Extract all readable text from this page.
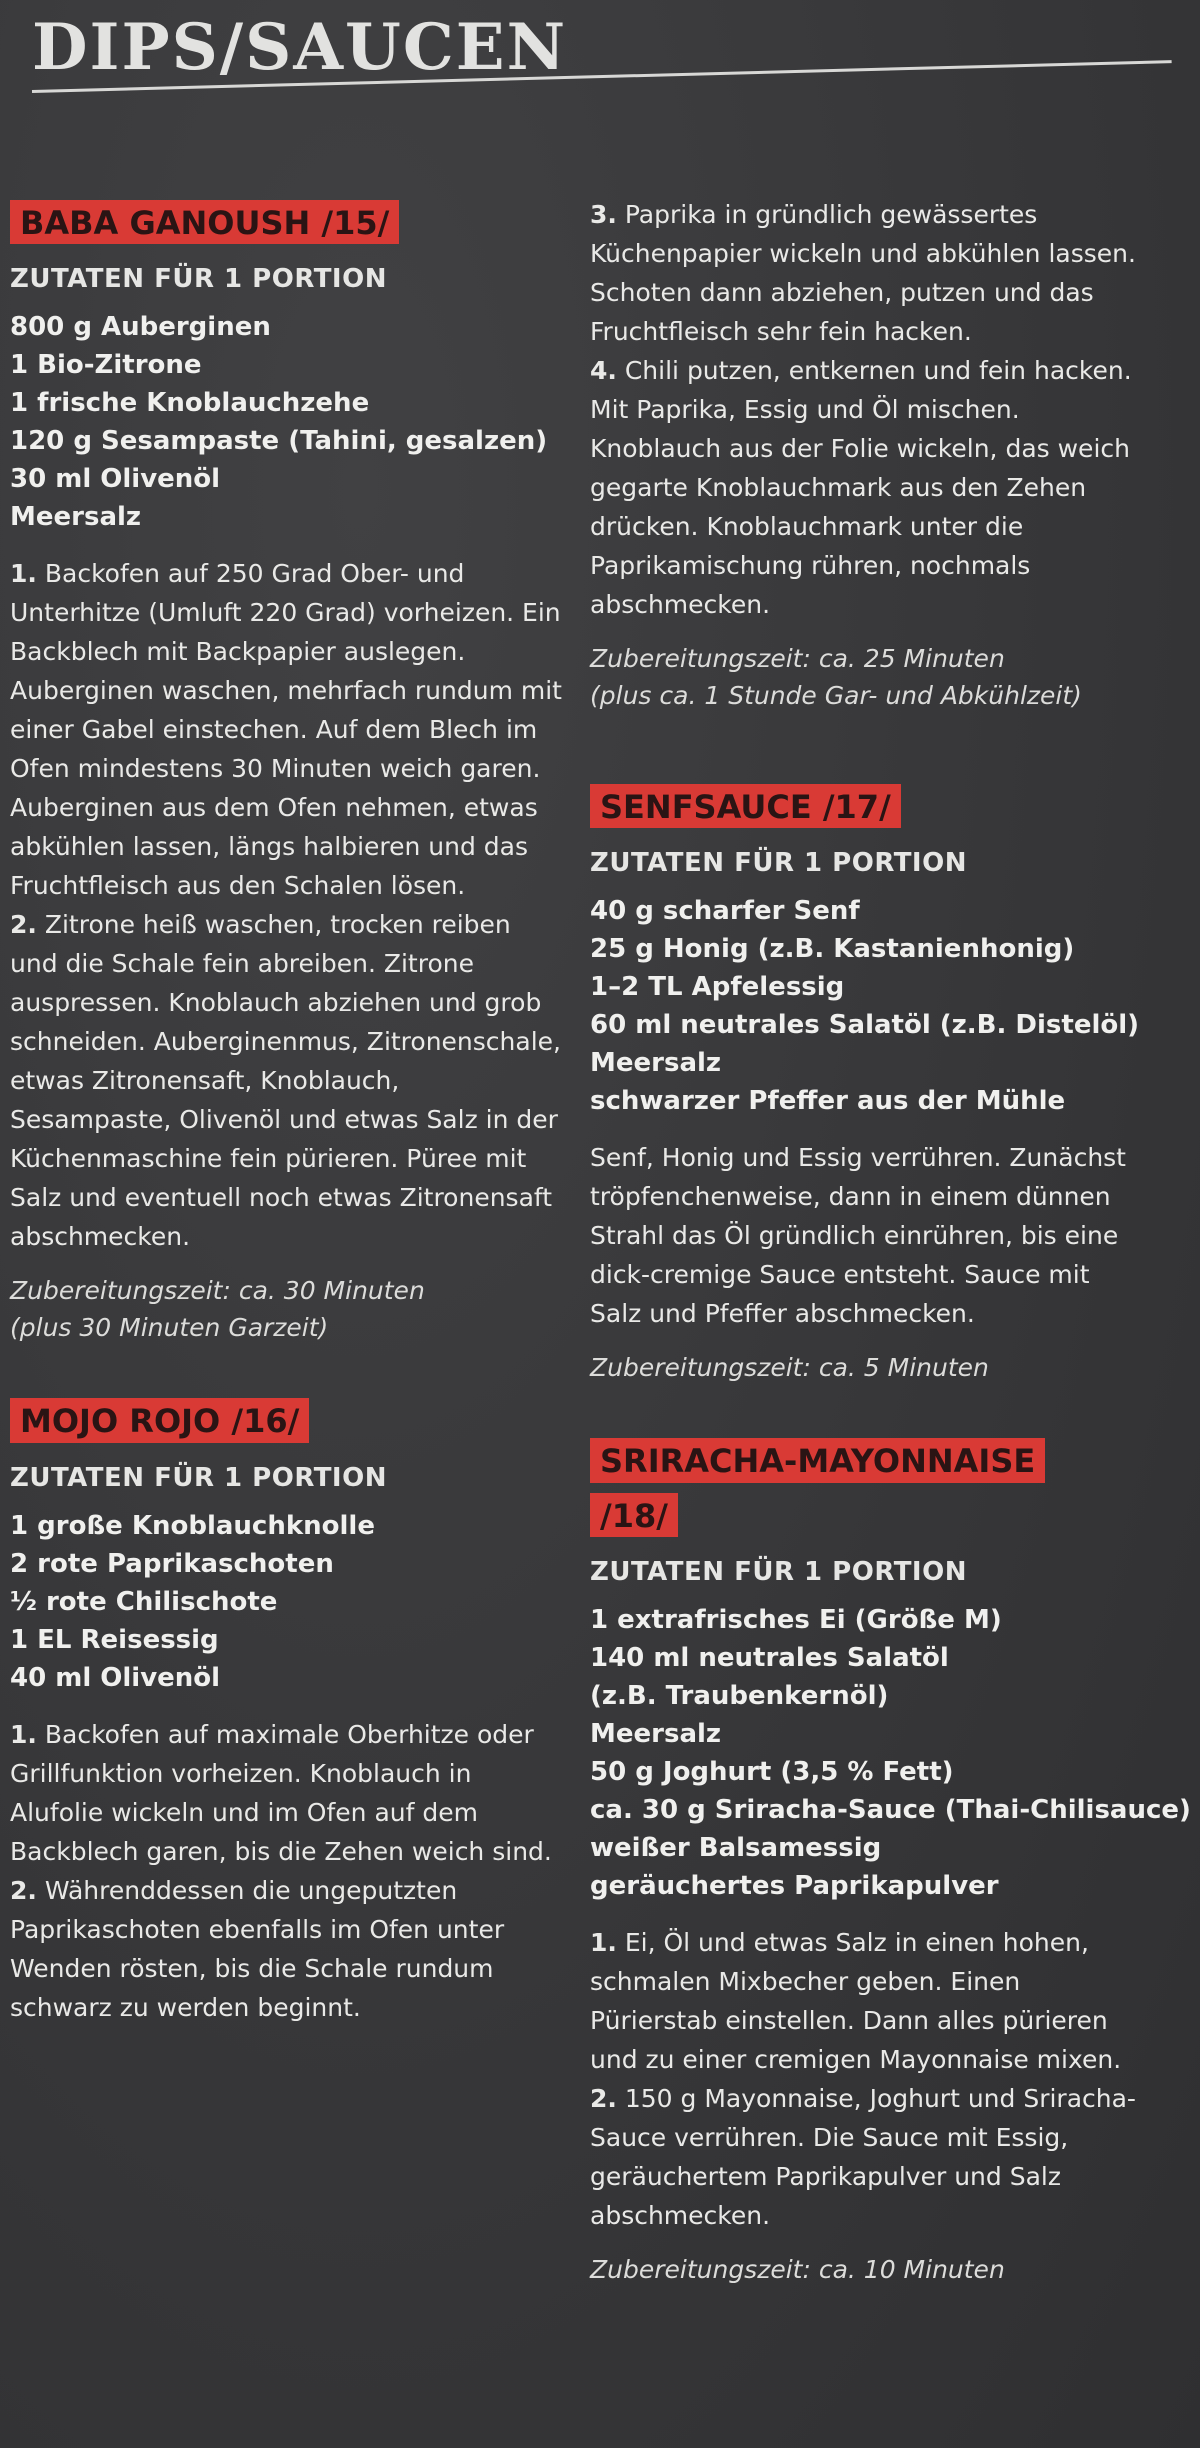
DIPS/SAUCEN
BABA GANOUSH /15/
ZUTATEN FÜR 1 PORTION
800 g Auberginen
1 Bio-Zitrone
1 frische Knoblauchzehe
120 g Sesampaste (Tahini, gesalzen)
30 ml Olivenöl
Meersalz
1. Backofen auf 250 Grad Ober- und Unterhitze (Umluft 220 Grad) vorheizen. Ein Backblech mit Backpapier auslegen. Auberginen waschen, mehrfach rundum mit einer Gabel einstechen. Auf dem Blech im Ofen mindestens 30 Minuten weich garen. Auberginen aus dem Ofen nehmen, etwas abkühlen lassen, längs halbieren und das Fruchtfleisch aus den Schalen lösen.
2. Zitrone heiß waschen, trocken reiben und die Schale fein abreiben. Zitrone auspressen. Knoblauch abziehen und grob schneiden. Auberginenmus, Zitronenschale, etwas Zitronensaft, Knoblauch, Sesampaste, Olivenöl und etwas Salz in der Küchenmaschine fein pürieren. Püree mit Salz und eventuell noch etwas Zitronensaft abschmecken.
Zubereitungszeit: ca. 30 Minuten
(plus 30 Minuten Garzeit)
MOJO ROJO /16/
ZUTATEN FÜR 1 PORTION
1 große Knoblauchknolle
2 rote Paprikaschoten
½ rote Chilischote
1 EL Reisessig
40 ml Olivenöl
1. Backofen auf maximale Oberhitze oder Grillfunktion vorheizen. Knoblauch in Alufolie wickeln und im Ofen auf dem Backblech garen, bis die Zehen weich sind.
2. Währenddessen die ungeputzten Paprikaschoten ebenfalls im Ofen unter Wenden rösten, bis die Schale rundum schwarz zu werden beginnt.
3. Paprika in gründlich gewässertes Küchenpapier wickeln und abkühlen lassen. Schoten dann abziehen, putzen und das Fruchtfleisch sehr fein hacken.
4. Chili putzen, entkernen und fein hacken. Mit Paprika, Essig und Öl mischen. Knoblauch aus der Folie wickeln, das weich gegarte Knoblauchmark aus den Zehen drücken. Knoblauchmark unter die Paprikamischung rühren, nochmals abschmecken.
Zubereitungszeit: ca. 25 Minuten
(plus ca. 1 Stunde Gar- und Abkühlzeit)
SENFSAUCE /17/
ZUTATEN FÜR 1 PORTION
40 g scharfer Senf
25 g Honig (z.B. Kastanienhonig)
1–2 TL Apfelessig
60 ml neutrales Salatöl (z.B. Distelöl)
Meersalz
schwarzer Pfeffer aus der Mühle
Senf, Honig und Essig verrühren. Zunächst tröpfenchenweise, dann in einem dünnen Strahl das Öl gründlich einrühren, bis eine dick-cremige Sauce entsteht. Sauce mit Salz und Pfeffer abschmecken.
Zubereitungszeit: ca. 5 Minuten
SRIRACHA-MAYONNAISE
/18/
ZUTATEN FÜR 1 PORTION
1 extrafrisches Ei (Größe M)
140 ml neutrales Salatöl
(z.B. Traubenkernöl)
Meersalz
50 g Joghurt (3,5 % Fett)
ca. 30 g Sriracha-Sauce (Thai-Chilisauce)
weißer Balsamessig
geräuchertes Paprikapulver
1. Ei, Öl und etwas Salz in einen hohen, schmalen Mixbecher geben. Einen Pürierstab einstellen. Dann alles pürieren und zu einer cremigen Mayonnaise mixen.
2. 150 g Mayonnaise, Joghurt und Sriracha-Sauce verrühren. Die Sauce mit Essig, geräuchertem Paprikapulver und Salz abschmecken.
Zubereitungszeit: ca. 10 Minuten
